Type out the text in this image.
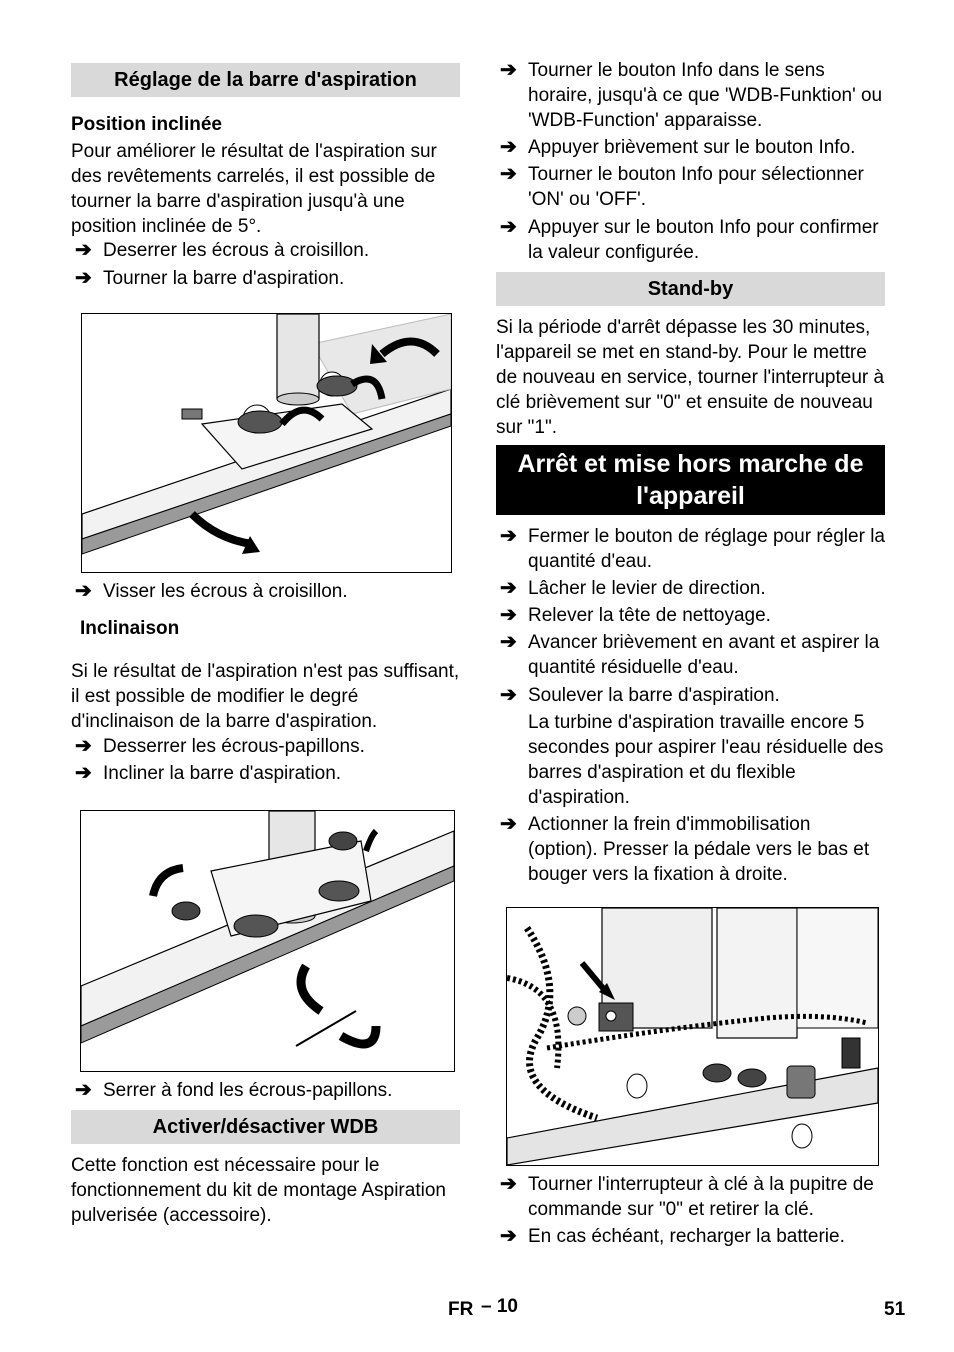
Réglage de la barre d'aspiration
Position inclinée
Pour améliorer le résultat de l'aspiration sur des revêtements carrelés, il est possible de tourner la barre d'aspiration jusqu'à une position inclinée de 5°.
➔ Deserrer les écrous à croisillon.
➔ Tourner la barre d'aspiration.
➔ Visser les écrous à croisillon.
Inclinaison
Si le résultat de l'aspiration n'est pas suffisant, il est possible de modifier le degré d'inclinaison de la barre d'aspiration.
➔ Desserrer les écrous-papillons.
➔ Incliner la barre d'aspiration.
➔ Serrer à fond les écrous-papillons.
Activer/désactiver WDB
Cette fonction est nécessaire pour le fonctionnement du kit de montage Aspiration pulverisée (accessoire).
➔ Tourner le bouton Info dans le sens horaire, jusqu'à ce que 'WDB-Funktion' ou 'WDB-Function' apparaisse.
➔ Appuyer brièvement sur le bouton Info.
➔ Tourner le bouton Info pour sélectionner 'ON' ou 'OFF'.
➔ Appuyer sur le bouton Info pour confirmer la valeur configurée.
Stand-by
Si la période d'arrêt dépasse les 30 minutes, l'appareil se met en stand-by. Pour le mettre de nouveau en service, tourner l'interrupteur à clé brièvement sur "0" et ensuite de nouveau sur "1".
Arrêt et mise hors marche de l'appareil
➔ Fermer le bouton de réglage pour régler la quantité d'eau.
➔ Lâcher le levier de direction.
➔ Relever la tête de nettoyage.
➔ Avancer brièvement en avant et aspirer la quantité résiduelle d'eau.
➔ Soulever la barre d'aspiration.
La turbine d'aspiration travaille encore 5 secondes pour aspirer l'eau résiduelle des barres d'aspiration et du flexible d'aspiration.
➔ Actionner la frein d'immobilisation (option). Presser la pédale vers le bas et bouger vers la fixation à droite.
➔ Tourner l'interrupteur à clé à la pupitre de commande sur "0" et retirer la clé.
➔ En cas échéant, recharger la batterie.
FR – 10	51
